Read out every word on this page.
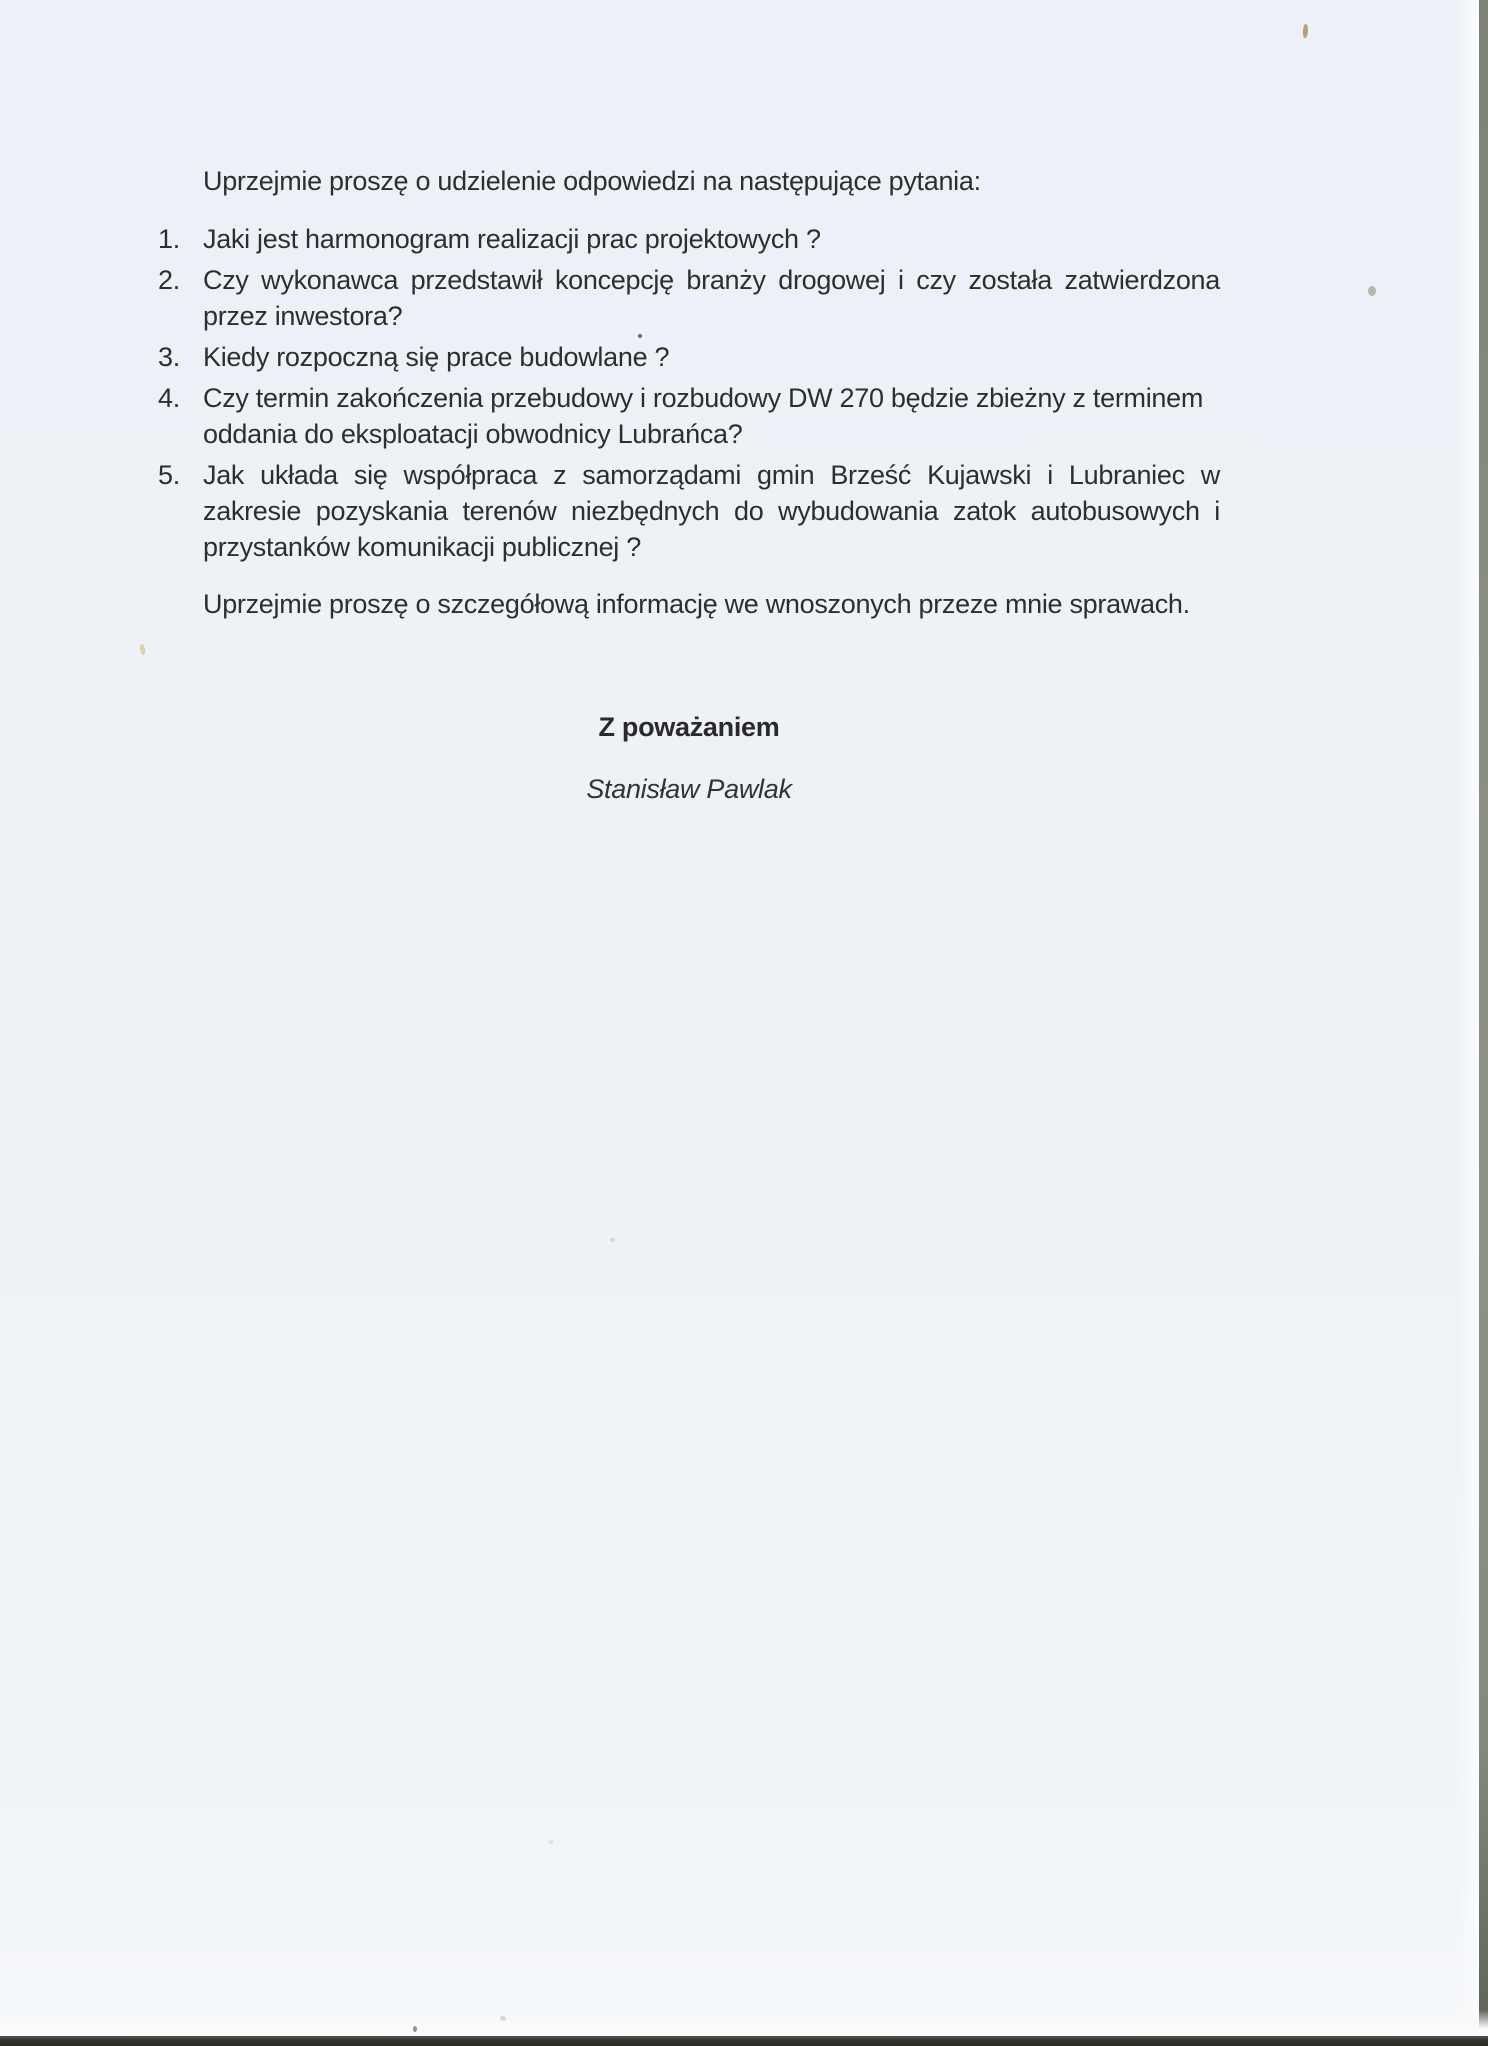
Uprzejmie proszę o udzielenie odpowiedzi na następujące pytania:

1. Jaki jest harmonogram realizacji prac projektowych ?
2. Czy wykonawca przedstawił koncepcję branży drogowej i czy została zatwierdzona przez inwestora?
3. Kiedy rozpoczną się prace budowlane ?
4. Czy termin zakończenia przebudowy i rozbudowy DW 270 będzie zbieżny z terminem oddania do eksploatacji obwodnicy Lubrańca?
5. Jak układa się współpraca z samorządami gmin Brześć Kujawski i Lubraniec w zakresie pozyskania terenów niezbędnych do wybudowania zatok autobusowych i przystanków komunikacji publicznej ?

Uprzejmie proszę o szczegółową informację we wnoszonych przeze mnie sprawach.

Z poważaniem

Stanisław Pawlak
